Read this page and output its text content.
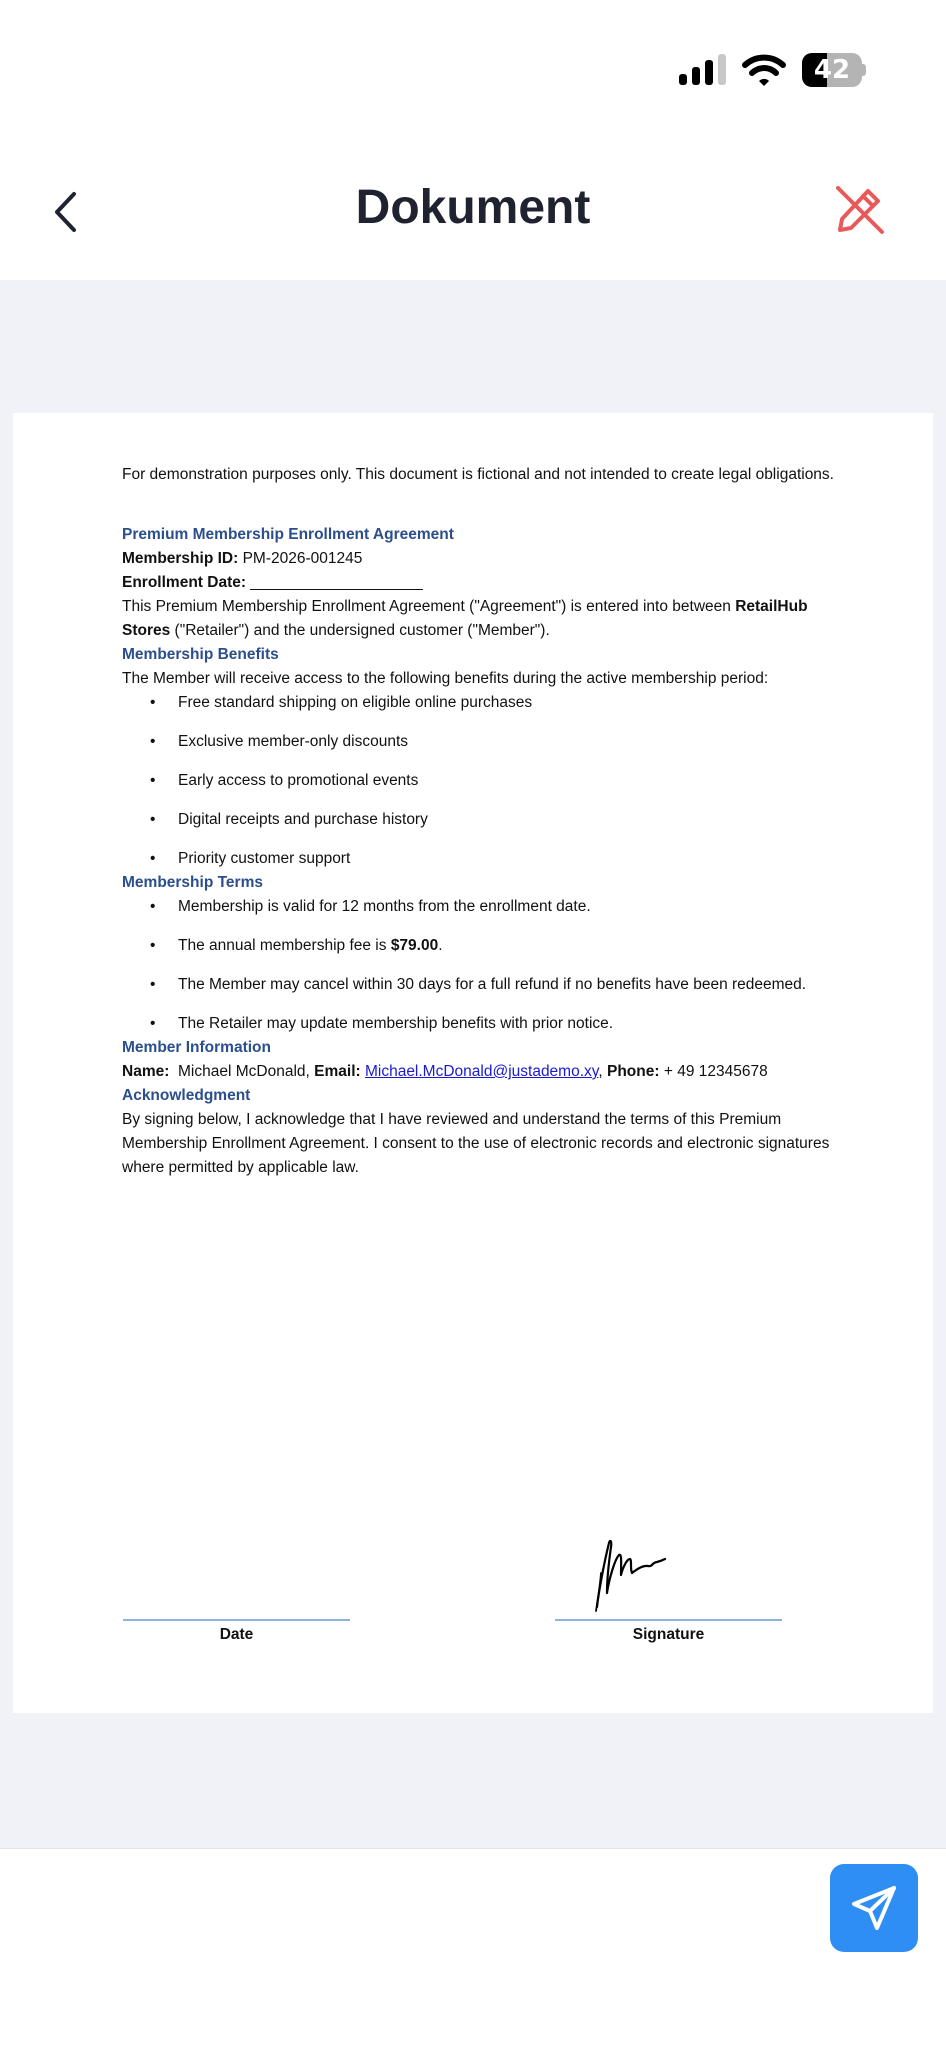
42
Dokument

For demonstration purposes only. This document is fictional and not intended to create legal obligations.

Premium Membership Enrollment Agreement

Membership ID: PM-2026-001245

Enrollment Date: ____________________

This Premium Membership Enrollment Agreement ("Agreement") is entered into between RetailHub Stores ("Retailer") and the undersigned customer ("Member").

Membership Benefits

The Member will receive access to the following benefits during the active membership period:

• Free standard shipping on eligible online purchases
• Exclusive member-only discounts
• Early access to promotional events
• Digital receipts and purchase history
• Priority customer support

Membership Terms

• Membership is valid for 12 months from the enrollment date.
• The annual membership fee is $79.00.
• The Member may cancel within 30 days for a full refund if no benefits have been redeemed.
• The Retailer may update membership benefits with prior notice.

Member Information

Name: Michael McDonald, Email: Michael.McDonald@justademo.xy, Phone: + 49 12345678

Acknowledgment

By signing below, I acknowledge that I have reviewed and understand the terms of this Premium Membership Enrollment Agreement. I consent to the use of electronic records and electronic signatures where permitted by applicable law.

Date	Signature
